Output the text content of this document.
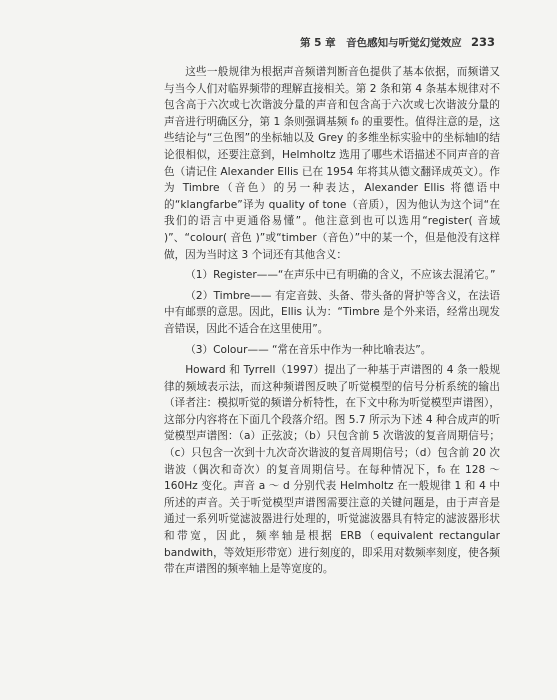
第 5 章　音色感知与听觉幻觉效应 233

这些一般规律为根据声音频谱判断音色提供了基本依据，而频谱又与当今人们对临界频带的理解直接相关。第 2 条和第 4 条基本规律对不包含高于六次或七次谐波分量的声音和包含高于六次或七次谐波分量的声音进行明确区分，第 1 条则强调基频 f₀ 的重要性。值得注意的是，这些结论与“三色图”的坐标轴以及 Grey 的多维坐标实验中的坐标轴Ⅰ的结论很相似，还要注意到，Helmholtz 选用了哪些术语描述不同声音的音色（请记住 Alexander Ellis 已在 1954 年将其从德文翻译成英文）。作为 Timbre（音色）的另一种表达，Alexander Ellis 将德语中的“klangfarbe”译为 quality of tone（音质），因为他认为这个词“在我们的语言中更通俗易懂”。他注意到也可以选用“register( 音域 )”、“colour( 音色 )”或“timber（音色）”中的某一个，但是他没有这样做，因为当时这 3 个词还有其他含义：

（1）Register——“在声乐中已有明确的含义，不应该去混淆它。”

（2）Timbre—— 有定音鼓、头备、带头备的肾护等含义，在法语中有邮票的意思。因此，Ellis 认为：“Timbre 是个外来语，经常出现发音错误，因此不适合在这里使用”。

（3）Colour—— “常在音乐中作为一种比喻表达”。

Howard 和 Tyrrell（1997）提出了一种基于声谱图的 4 条一般规律的频域表示法，而这种频谱图反映了听觉模型的信号分析系统的输出（译者注：模拟听觉的频谱分析特性，在下文中称为听觉模型声谱图），这部分内容将在下面几个段落介绍。图 5.7 所示为下述 4 种合成声的听觉模型声谱图：（a）正弦波；（b）只包含前 5 次谐波的复音周期信号；（c）只包含一次到十九次奇次谐波的复音周期信号；（d）包含前 20 次谐波（偶次和奇次）的复音周期信号。在每种情况下，f₀ 在 128 ～ 160Hz 变化。声音 a ～ d 分别代表 Helmholtz 在一般规律 1 和 4 中所述的声音。关于听觉模型声谱图需要注意的关键问题是，由于声音是通过一系列听觉滤波器进行处理的，听觉滤波器具有特定的滤波器形状和带宽，因此，频率轴是根据 ERB（equivalent rectangular bandwith，等效矩形带宽）进行刻度的，即采用对数频率刻度，使各频带在声谱图的频率轴上是等宽度的。
